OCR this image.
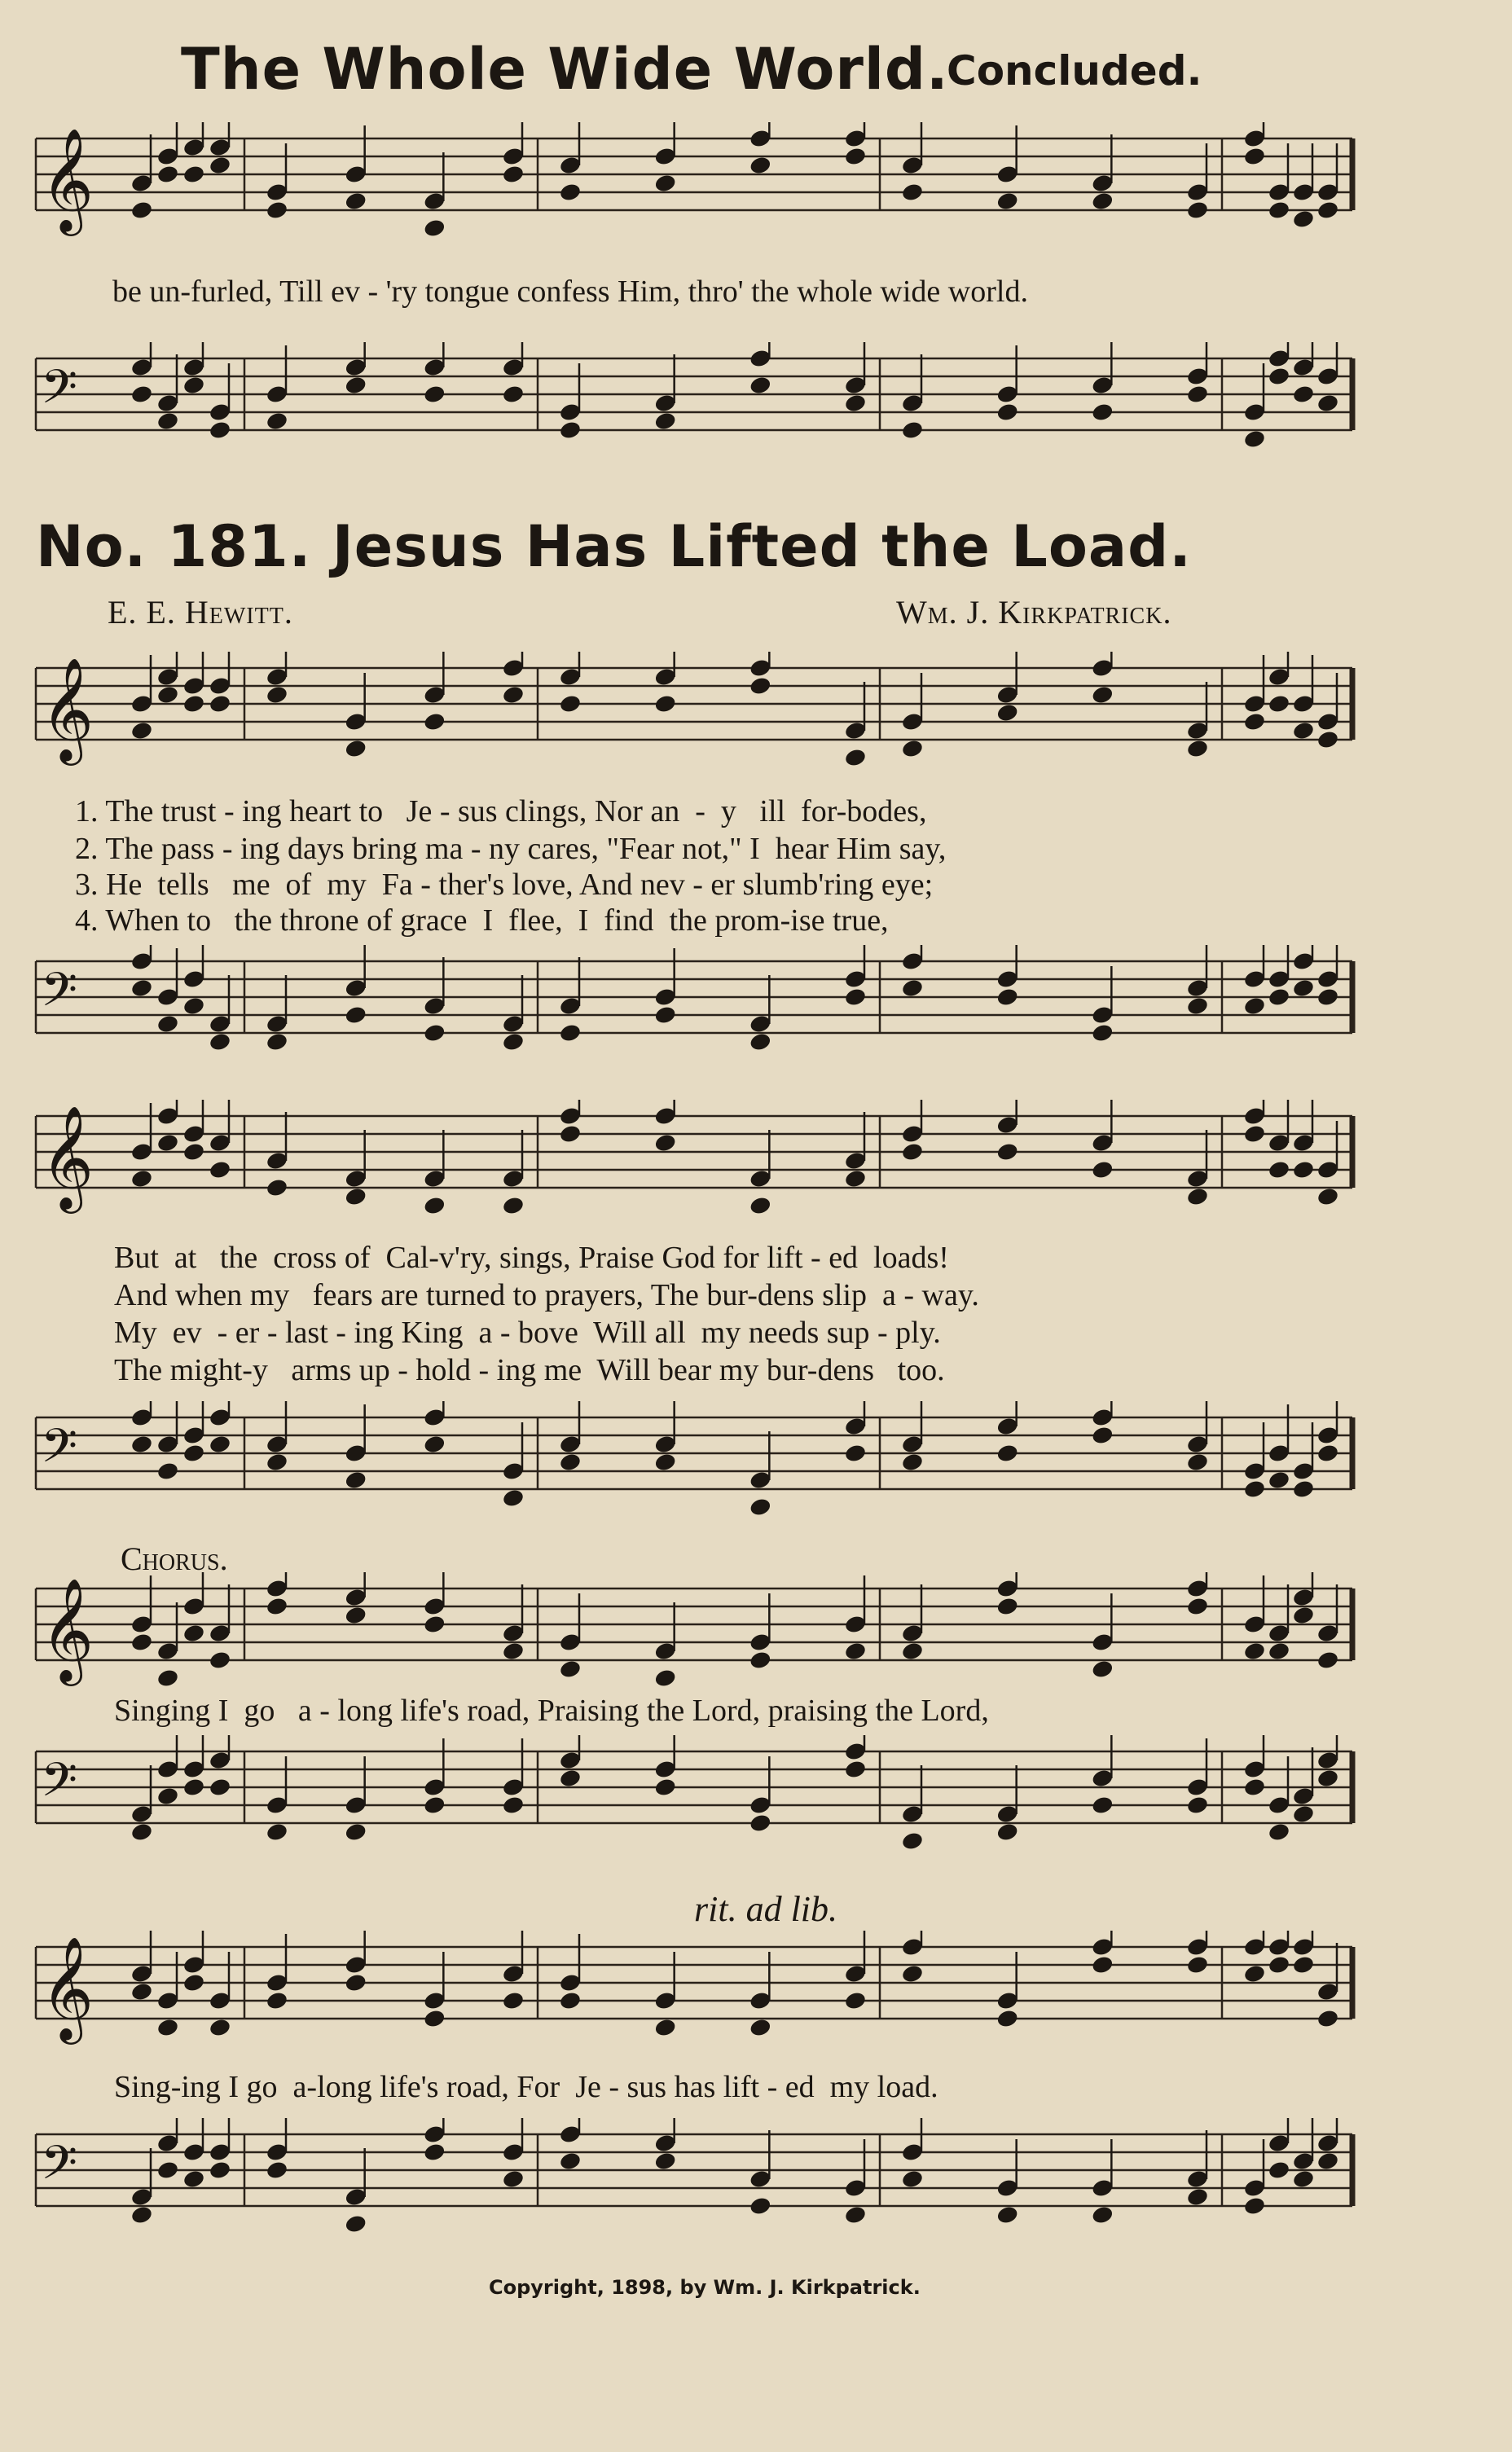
The Whole Wide World.
Concluded.
𝄞
be un-furled, Till ev - 'ry tongue confess Him, thro' the whole wide world.
𝄢
No. 181. Jesus Has Lifted the Load.
E. E. Hewitt.	Wm. J. Kirkpatrick.
𝄞
1. The trust - ing heart to   Je - sus clings, Nor an  -  y   ill  for-bodes,
2. The pass - ing days bring ma - ny cares, "Fear not," I  hear Him say,
3. He  tells   me  of  my  Fa - ther's love, And nev - er slumb'ring eye;
4. When to   the throne of grace  I  flee,  I  find  the prom-ise true,
𝄢
𝄞
But  at   the  cross of  Cal-v'ry, sings, Praise God for lift - ed  loads!
And when my   fears are turned to prayers, The bur-dens slip  a - way.
My  ev  - er - last - ing King  a - bove  Will all  my needs sup - ply.
The might-y   arms up - hold - ing me  Will bear my bur-dens   too.
𝄢
Chorus.
𝄞
Singing I  go   a - long life's road, Praising the Lord, praising the Lord,
𝄢
rit. ad lib.
𝄞
Sing-ing I go  a-long life's road, For  Je - sus has lift - ed  my load.
𝄢
Copyright, 1898, by Wm. J. Kirkpatrick.
